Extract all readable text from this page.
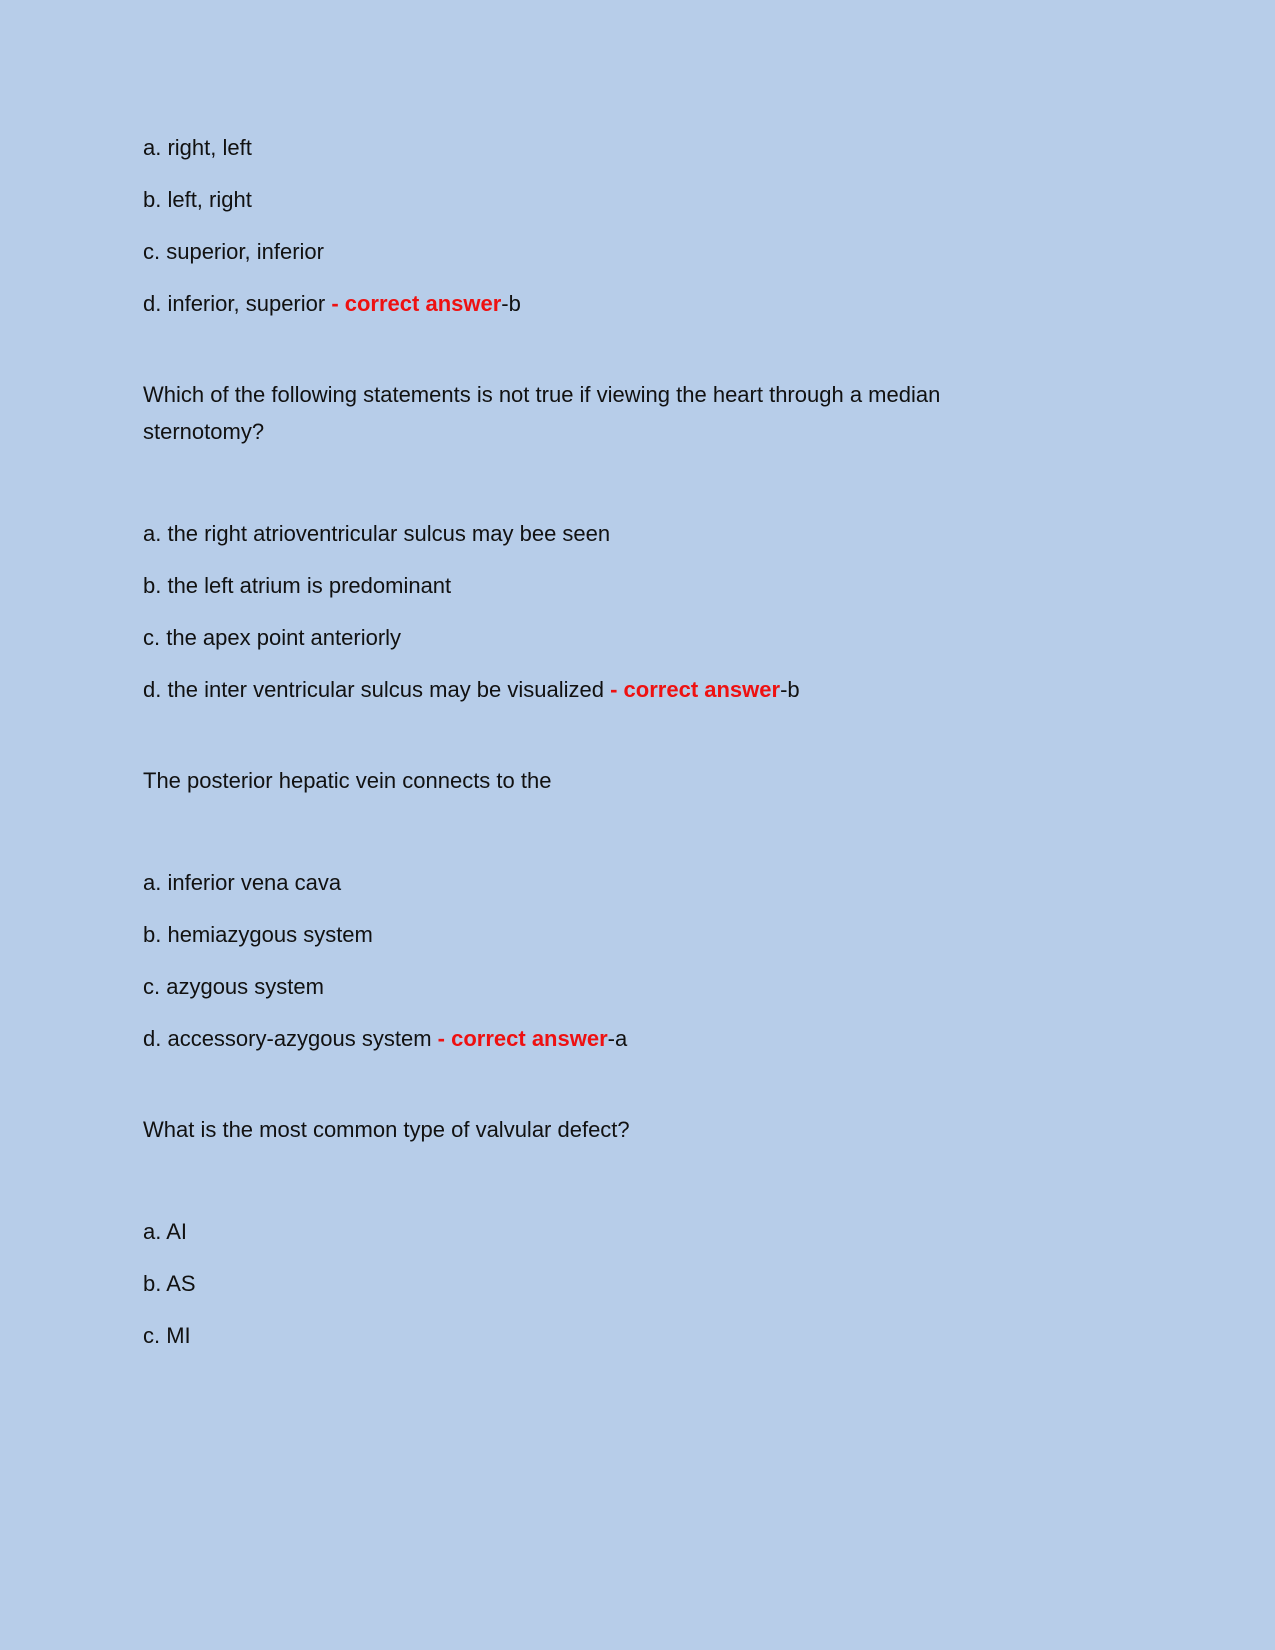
a. right, left

b. left, right

c. superior, inferior

d. inferior, superior - correct answer-b

Which of the following statements is not true if viewing the heart through a median sternotomy?

a. the right atrioventricular sulcus may bee seen

b. the left atrium is predominant

c. the apex point anteriorly

d. the inter ventricular sulcus may be visualized - correct answer-b

The posterior hepatic vein connects to the

a. inferior vena cava

b. hemiazygous system

c. azygous system

d. accessory-azygous system - correct answer-a

What is the most common type of valvular defect?

a. AI

b. AS

c. MI
